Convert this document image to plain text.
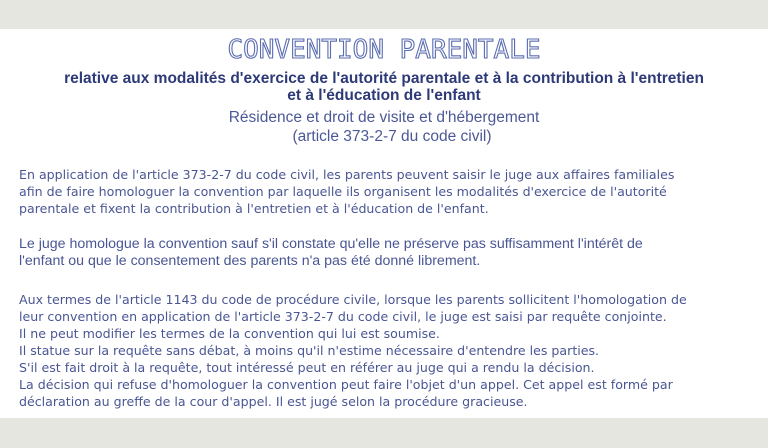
CONVENTION PARENTALE
relative aux modalités d'exercice de l'autorité parentale et à la contribution à l'entretien
et à l'éducation de l'enfant
Résidence et droit de visite et d'hébergement
(article 373-2-7 du code civil)
En application de l'article 373-2-7 du code civil, les parents peuvent saisir le juge aux affaires familiales
afin de faire homologuer la convention par laquelle ils organisent les modalités d'exercice de l'autorité
parentale et fixent la contribution à l'entretien et à l'éducation de l'enfant.
Le juge homologue la convention sauf s'il constate qu'elle ne préserve pas suffisamment l'intérêt de
l'enfant ou que le consentement des parents n'a pas été donné librement.
Aux termes de l'article 1143 du code de procédure civile, lorsque les parents sollicitent l'homologation de
leur convention en application de l'article 373-2-7 du code civil, le juge est saisi par requête conjointe.
Il ne peut modifier les termes de la convention qui lui est soumise.
Il statue sur la requête sans débat, à moins qu'il n'estime nécessaire d'entendre les parties.
S'il est fait droit à la requête, tout intéressé peut en référer au juge qui a rendu la décision.
La décision qui refuse d'homologuer la convention peut faire l'objet d'un appel. Cet appel est formé par
déclaration au greffe de la cour d'appel. Il est jugé selon la procédure gracieuse.
